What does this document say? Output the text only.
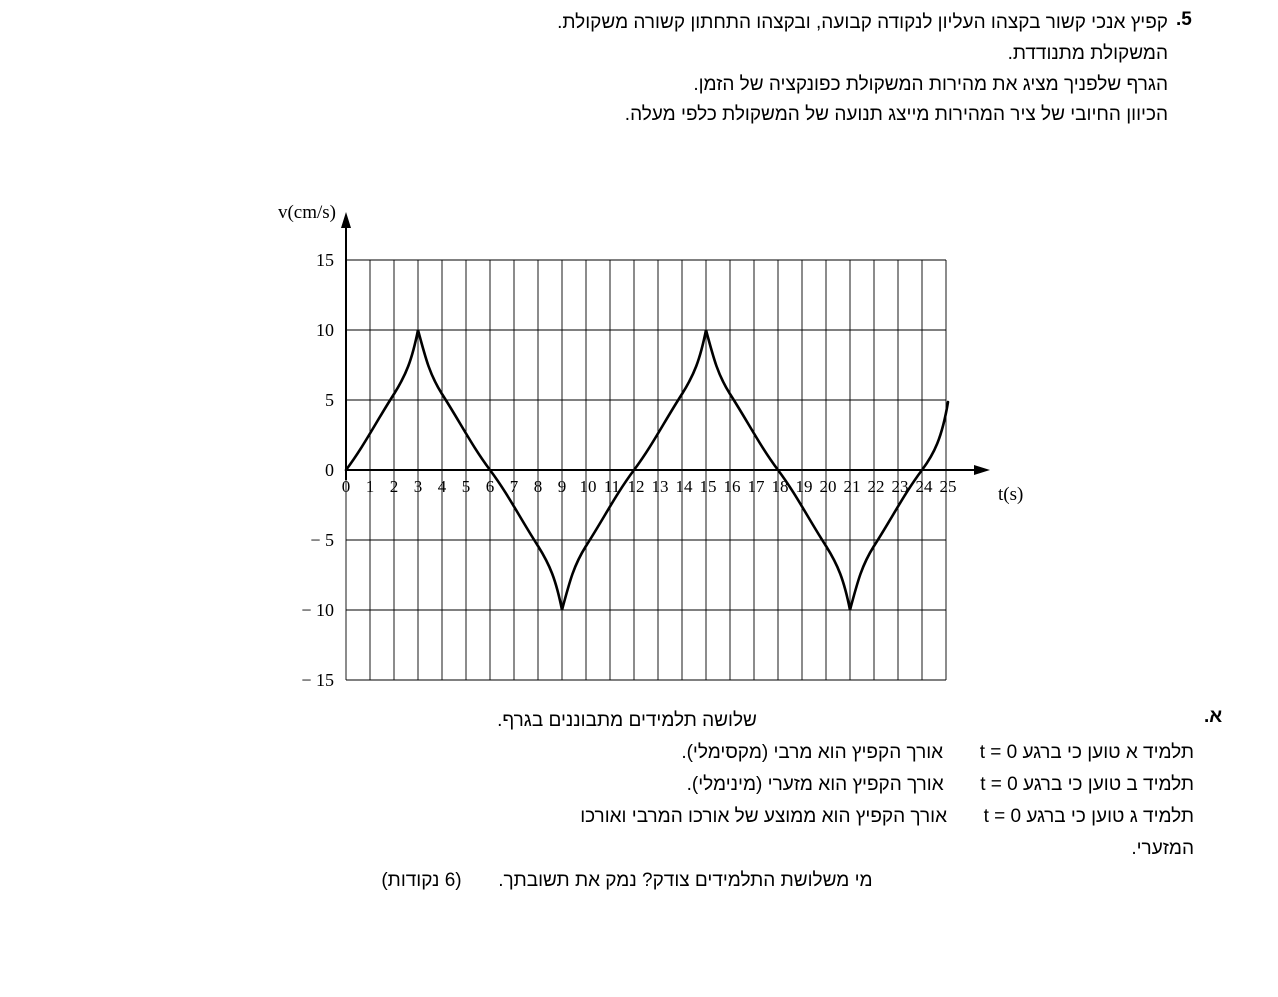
5.
קפיץ אנכי קשור בקצהו העליון לנקודה קבועה, ובקצהו התחתון קשורה משקולת.
המשקולת מתנודדת.
הגרף שלפניך מציג את מהירות המשקולת כפונקציה של הזמן.
הכיוון החיובי של ציר המהירות מייצג תנועה של המשקולת כלפי מעלה.
v(cm/s)
t(s)
15
10
5
0
− 5
− 10
− 15
0 1 2 3 4 5 6 7 8 9 10 11 12 13 14 15 16 17 18 19 20 21 22 23 24 25
א.
שלושה תלמידים מתבוננים בגרף.
תלמיד א טוען כי ברגע t = 0  אורך הקפיץ הוא מרבי (מקסימלי).
תלמיד ב טוען כי ברגע t = 0  אורך הקפיץ הוא מזערי (מינימלי).
תלמיד ג טוען כי ברגע t = 0  אורך הקפיץ הוא ממוצע של אורכו המרבי ואורכו
המזערי.
מי משלושת התלמידים צודק? נמק את תשובתך.  (6 נקודות)
